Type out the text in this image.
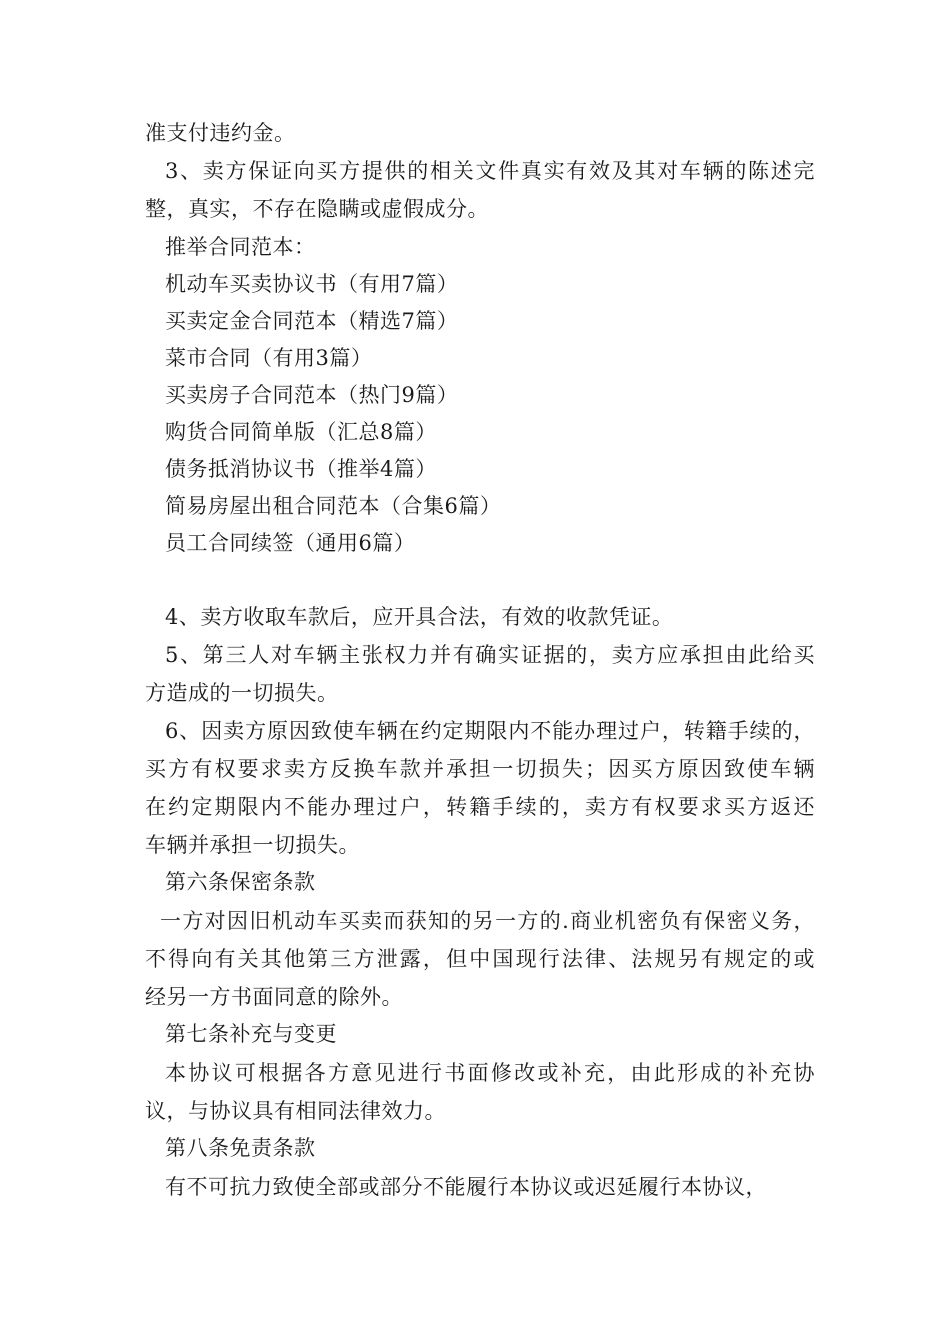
准支付违约金。
3、卖方保证向买方提供的相关文件真实有效及其对车辆的陈述完
整，真实，不存在隐瞒或虚假成分。
推举合同范本：
机动车买卖协议书（有用7篇）
买卖定金合同范本（精选7篇）
菜市合同（有用3篇）
买卖房子合同范本（热门9篇）
购货合同简单版（汇总8篇）
债务抵消协议书（推举4篇）
简易房屋出租合同范本（合集6篇）
员工合同续签（通用6篇）
4、卖方收取车款后，应开具合法，有效的收款凭证。
5、第三人对车辆主张权力并有确实证据的，卖方应承担由此给买
方造成的一切损失。
6、因卖方原因致使车辆在约定期限内不能办理过户，转籍手续的，
买方有权要求卖方反换车款并承担一切损失；因买方原因致使车辆
在约定期限内不能办理过户，转籍手续的，卖方有权要求买方返还
车辆并承担一切损失。
第六条保密条款
一方对因旧机动车买卖而获知的另一方的.商业机密负有保密义务，
不得向有关其他第三方泄露，但中国现行法律、法规另有规定的或
经另一方书面同意的除外。
第七条补充与变更
本协议可根据各方意见进行书面修改或补充，由此形成的补充协
议，与协议具有相同法律效力。
第八条免责条款
有不可抗力致使全部或部分不能履行本协议或迟延履行本协议，
